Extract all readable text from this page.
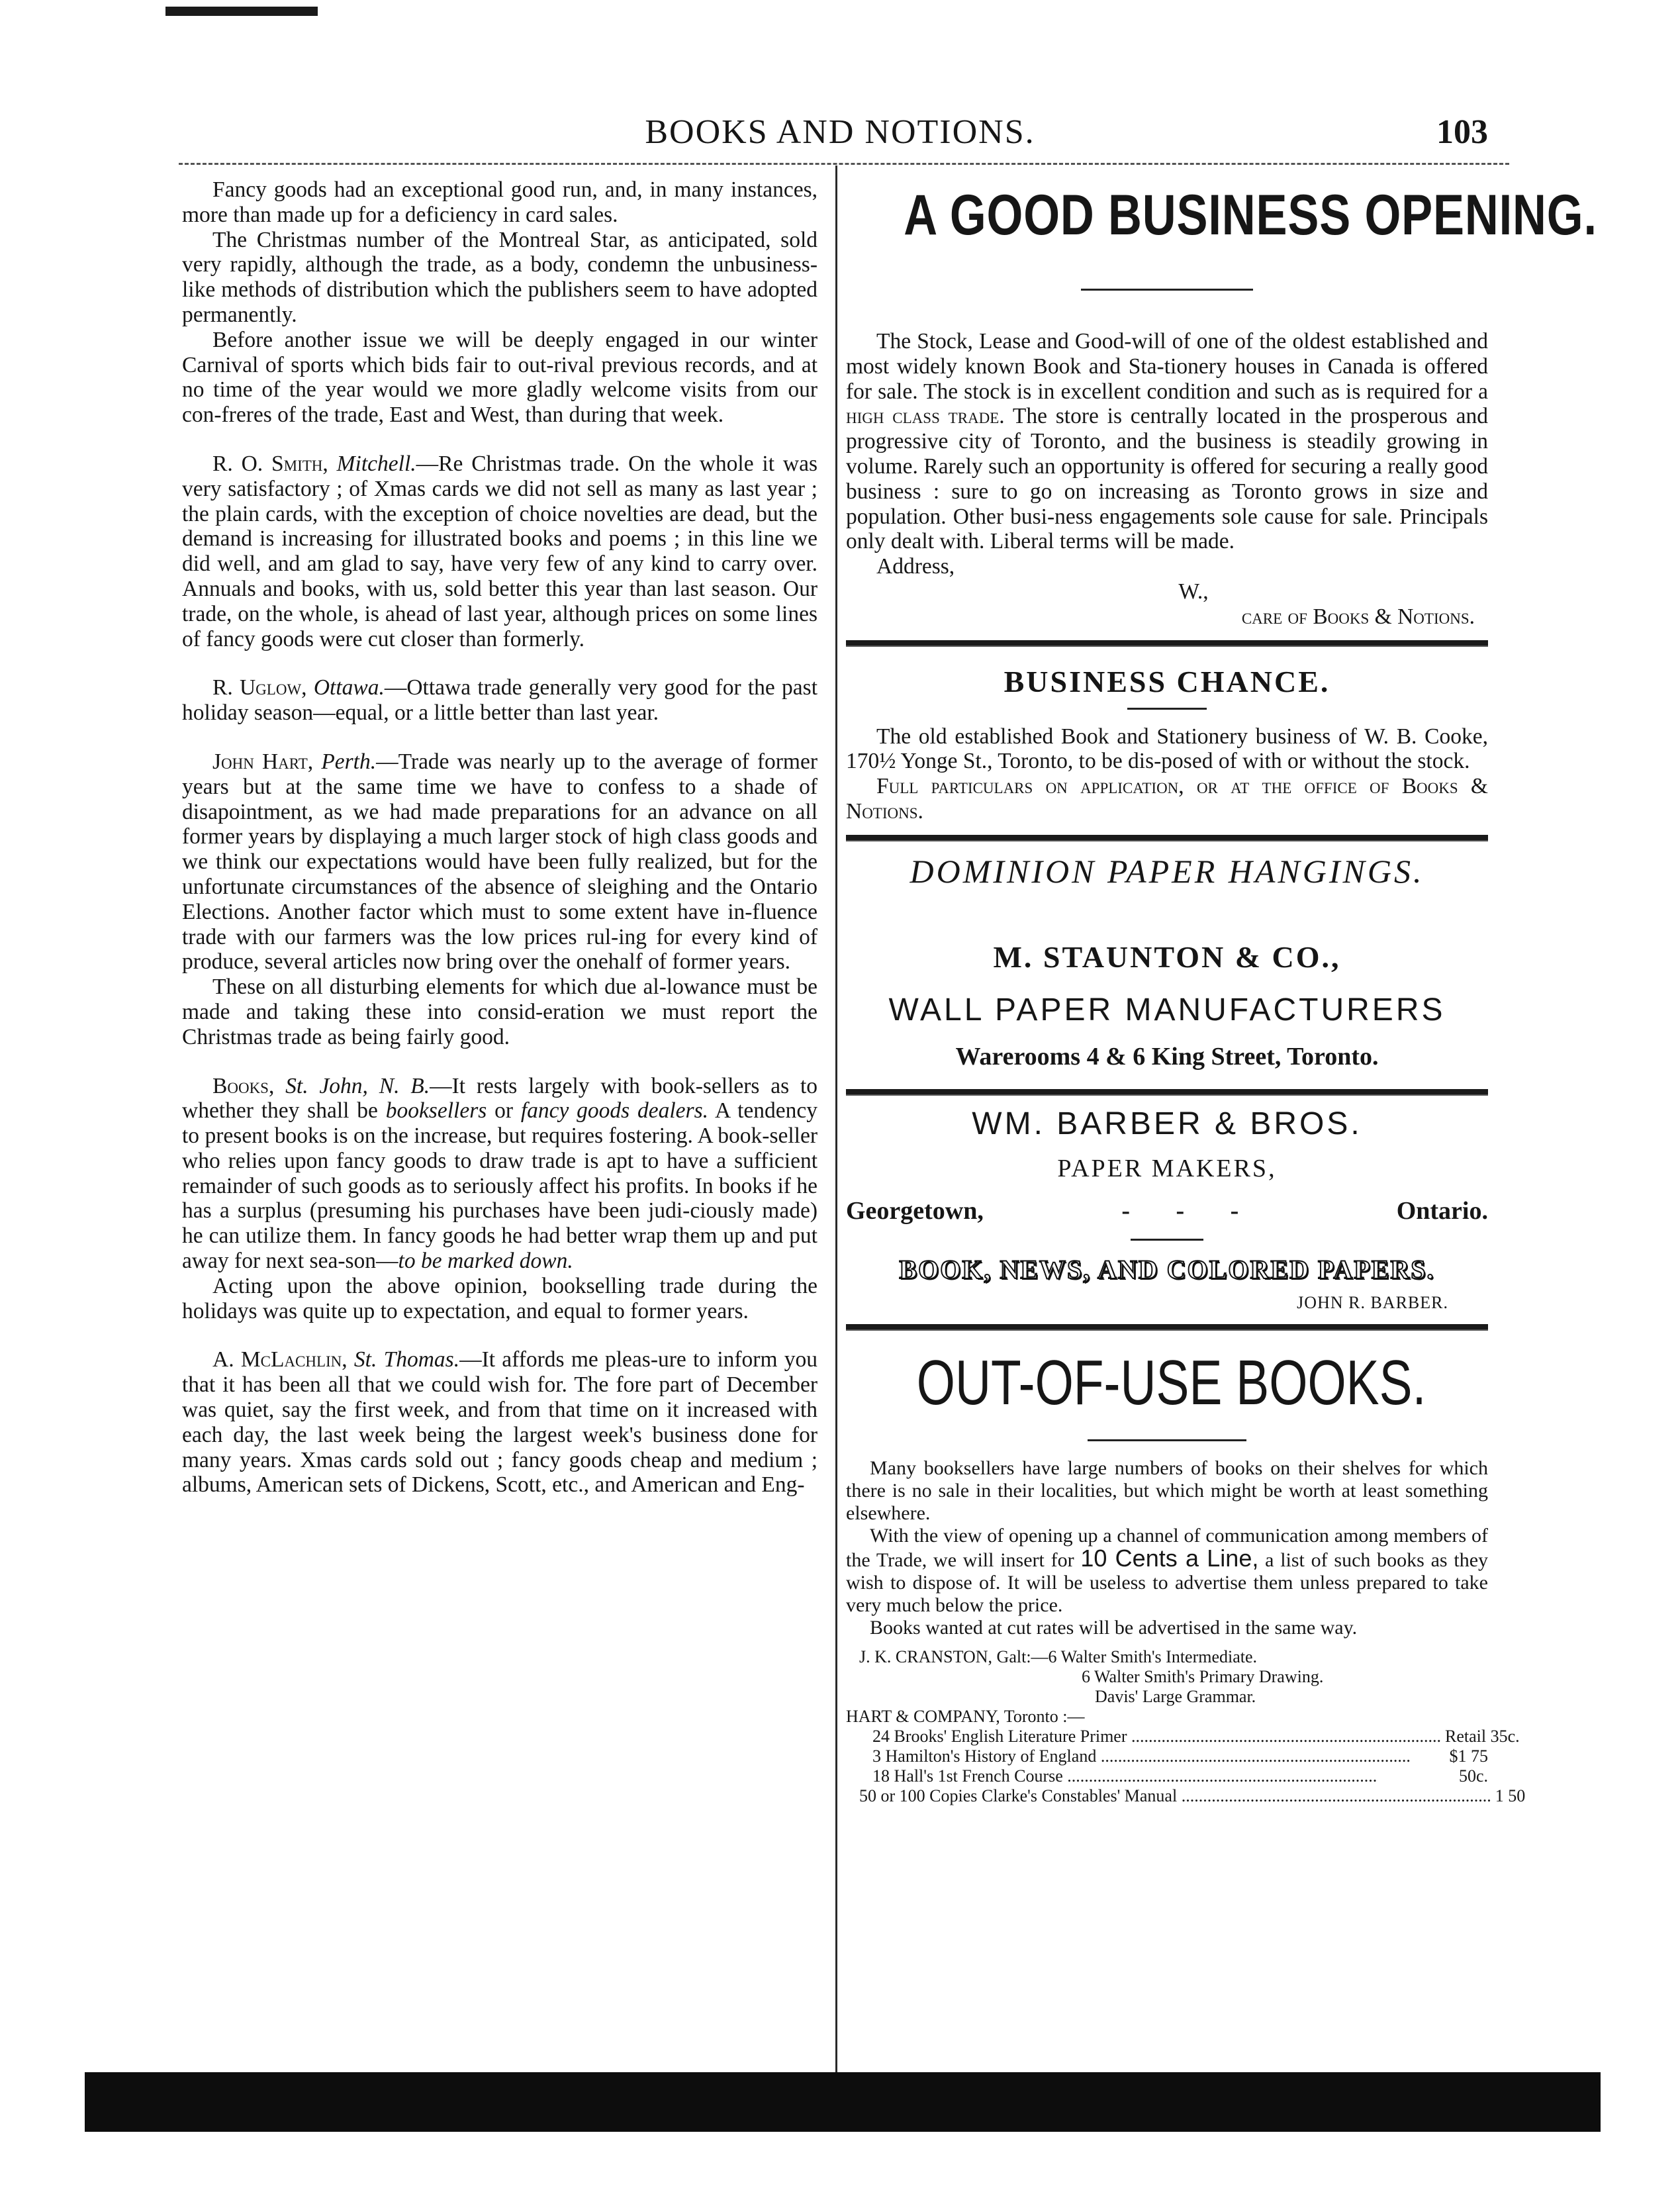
BOOKS AND NOTIONS.	103

Fancy goods had an exceptional good run, and, in many instances, more than made up for a deficiency in card sales.

The Christmas number of the Montreal Star, as anticipated, sold very rapidly, although the trade, as a body, condemn the unbusiness-like methods of distribution which the publishers seem to have adopted permanently.

Before another issue we will be deeply engaged in our winter Carnival of sports which bids fair to out-rival previous records, and at no time of the year would we more gladly welcome visits from our con-freres of the trade, East and West, than during that week.

R. O. Smith, Mitchell.—Re Christmas trade. On the whole it was very satisfactory ; of Xmas cards we did not sell as many as last year ; the plain cards, with the exception of choice novelties are dead, but the demand is increasing for illustrated books and poems ; in this line we did well, and am glad to say, have very few of any kind to carry over. Annuals and books, with us, sold better this year than last season. Our trade, on the whole, is ahead of last year, although prices on some lines of fancy goods were cut closer than formerly.

R. Uglow, Ottawa.—Ottawa trade generally very good for the past holiday season—equal, or a little better than last year.

John Hart, Perth.—Trade was nearly up to the average of former years but at the same time we have to confess to a shade of disapointment, as we had made preparations for an advance on all former years by displaying a much larger stock of high class goods and we think our expectations would have been fully realized, but for the unfortunate circumstances of the absence of sleighing and the Ontario Elections. Another factor which must to some extent have in-fluence trade with our farmers was the low prices rul-ing for every kind of produce, several articles now bring over the onehalf of former years.

These on all disturbing elements for which due al-lowance must be made and taking these into consid-eration we must report the Christmas trade as being fairly good.

Books, St. John, N. B.—It rests largely with book-sellers as to whether they shall be booksellers or fancy goods dealers. A tendency to present books is on the increase, but requires fostering. A book-seller who relies upon fancy goods to draw trade is apt to have a sufficient remainder of such goods as to seriously affect his profits. In books if he has a surplus (presuming his purchases have been judi-ciously made) he can utilize them. In fancy goods he had better wrap them up and put away for next sea-son—to be marked down.

Acting upon the above opinion, bookselling trade during the holidays was quite up to expectation, and equal to former years.

A. McLachlin, St. Thomas.—It affords me pleas-ure to inform you that it has been all that we could wish for. The fore part of December was quiet, say the first week, and from that time on it increased with each day, the last week being the largest week's business done for many years. Xmas cards sold out ; fancy goods cheap and medium ; albums, American sets of Dickens, Scott, etc., and American and Eng-

A GOOD BUSINESS OPENING.

The Stock, Lease and Good-will of one of the oldest established and most widely known Book and Sta-tionery houses in Canada is offered for sale. The stock is in excellent condition and such as is required for a high class trade. The store is centrally located in the prosperous and progressive city of Toronto, and the business is steadily growing in volume. Rarely such an opportunity is offered for securing a really good business : sure to go on increasing as Toronto grows in size and population. Other busi-ness engagements sole cause for sale. Principals only dealt with. Liberal terms will be made.

Address,

W.,
care of Books & Notions.
BUSINESS CHANCE.

The old established Book and Stationery business of W. B. Cooke, 170½ Yonge St., Toronto, to be dis-posed of with or without the stock.

Full particulars on application, or at the office of Books & Notions.

DOMINION PAPER HANGINGS.
M. STAUNTON & CO.,
WALL PAPER MANUFACTURERS
Warerooms 4 & 6 King Street, Toronto.
WM. BARBER & BROS.
PAPER MAKERS,
Georgetown,	- - -	Ontario.
BOOK, NEWS, AND COLORED PAPERS.
JOHN R. BARBER.
OUT-OF-USE BOOKS.

Many booksellers have large numbers of books on their shelves for which there is no sale in their localities, but which might be worth at least something elsewhere.

With the view of opening up a channel of communication among members of the Trade, we will insert for 10 Cents a Line, a list of such books as they wish to dispose of. It will be useless to advertise them unless prepared to take very much below the price.

Books wanted at cut rates will be advertised in the same way.

J. K. CRANSTON, Galt:— 6 Walter Smith's Intermediate.
6 Walter Smith's Primary Drawing.
Davis' Large Grammar.
HART & COMPANY, Toronto :—
24 Brooks' English Literature Primer ........................................................................ Retail 35c.
3 Hamilton's History of England ........................................................................	$1 75
18 Hall's 1st French Course ........................................................................	50c.
50 or 100 Copies Clarke's Constables' Manual ........................................................................ 1 50
